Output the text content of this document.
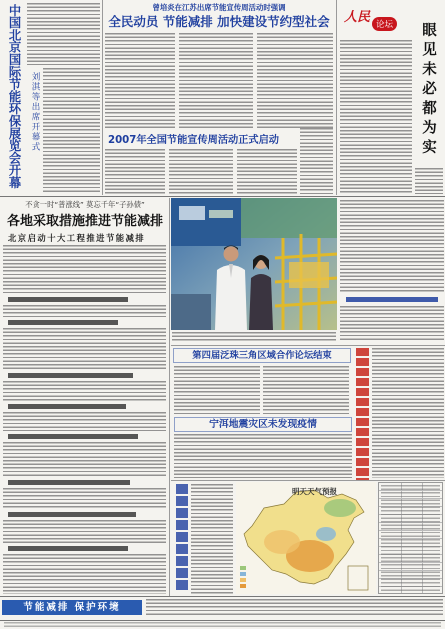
中国北京国际节能环保展览会开幕	刘淇等出席开幕式
曾培炎在江苏出席节能宣传周活动时强调
全民动员 节能减排 加快建设节约型社会
2007年全国节能宣传周活动正式启动
人民 论坛 眼见未必都为实
不贪一时“普涨线” 莫忘千年“子孙债”
各地采取措施推进节能减排
北京启动十大工程推进节能减排
第四届泛珠三角区域合作论坛结束
宁洱地震灾区未发现疫情
明天天气预报
节能减排 保护环境
